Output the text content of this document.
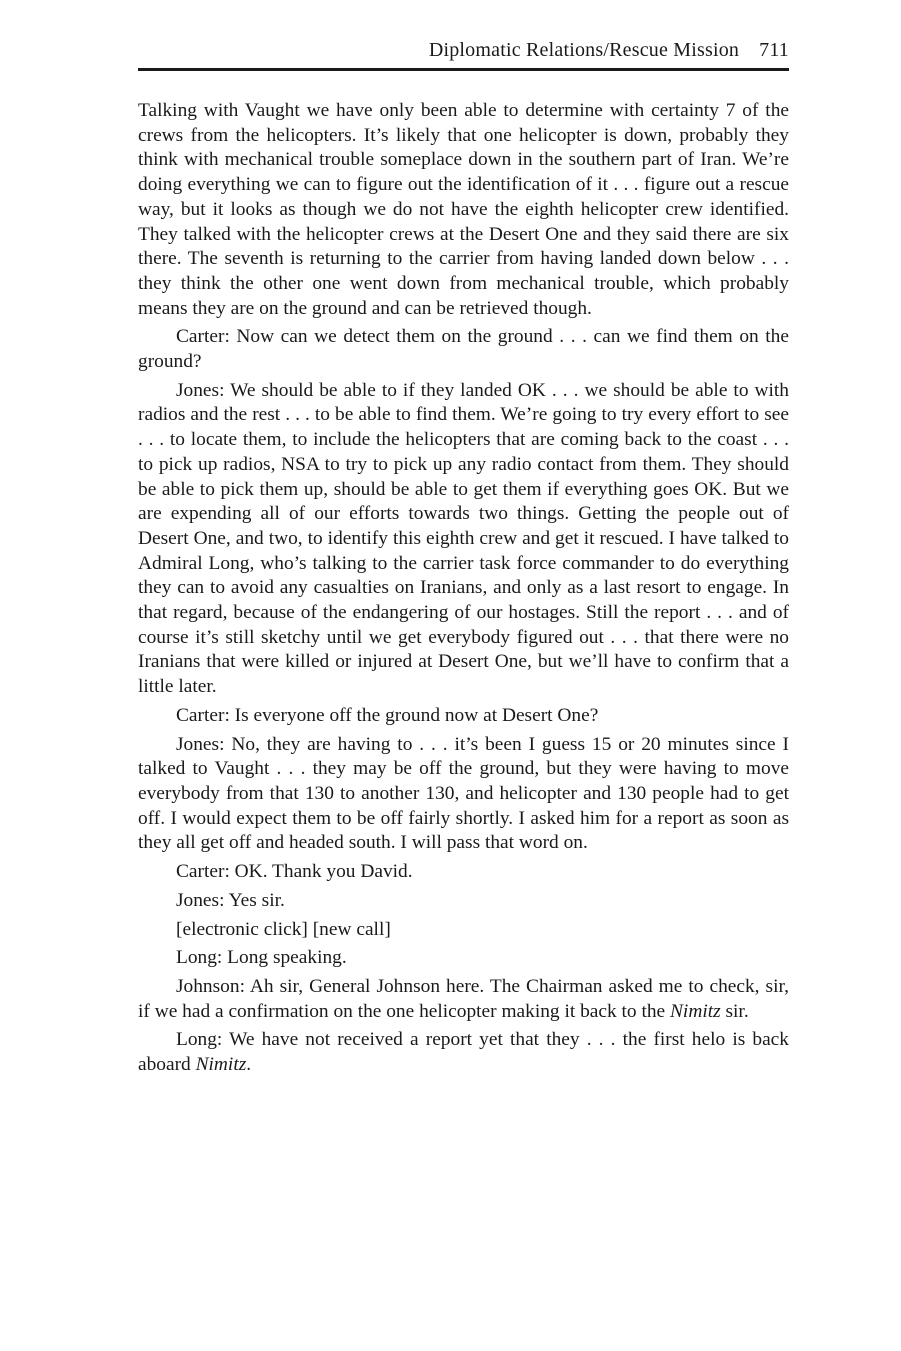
Diplomatic Relations/Rescue Mission 711

Talking with Vaught we have only been able to determine with certainty 7 of the crews from the helicopters. It’s likely that one helicopter is down, probably they think with mechanical trouble someplace down in the southern part of Iran. We’re doing everything we can to figure out the identification of it . . . figure out a rescue way, but it looks as though we do not have the eighth helicopter crew identified. They talked with the helicopter crews at the Desert One and they said there are six there. The seventh is returning to the carrier from having landed down below . . . they think the other one went down from mechanical trouble, which probably means they are on the ground and can be retrieved though.

Carter: Now can we detect them on the ground . . . can we find them on the ground?

Jones: We should be able to if they landed OK . . . we should be able to with radios and the rest . . . to be able to find them. We’re going to try every effort to see . . . to locate them, to include the helicopters that are coming back to the coast . . . to pick up radios, NSA to try to pick up any radio contact from them. They should be able to pick them up, should be able to get them if everything goes OK. But we are expending all of our efforts towards two things. Getting the people out of Desert One, and two, to identify this eighth crew and get it rescued. I have talked to Admiral Long, who’s talking to the carrier task force commander to do everything they can to avoid any casualties on Iranians, and only as a last resort to engage. In that regard, because of the endangering of our hostages. Still the report . . . and of course it’s still sketchy until we get everybody figured out . . . that there were no Iranians that were killed or injured at Desert One, but we’ll have to confirm that a little later.

Carter: Is everyone off the ground now at Desert One?

Jones: No, they are having to . . . it’s been I guess 15 or 20 minutes since I talked to Vaught . . . they may be off the ground, but they were having to move everybody from that 130 to another 130, and helicopter and 130 people had to get off. I would expect them to be off fairly shortly. I asked him for a report as soon as they all get off and headed south. I will pass that word on.

Carter: OK. Thank you David.

Jones: Yes sir.

[electronic click] [new call]

Long: Long speaking.

Johnson: Ah sir, General Johnson here. The Chairman asked me to check, sir, if we had a confirmation on the one helicopter making it back to the Nimitz sir.

Long: We have not received a report yet that they . . . the first helo is back aboard Nimitz.
